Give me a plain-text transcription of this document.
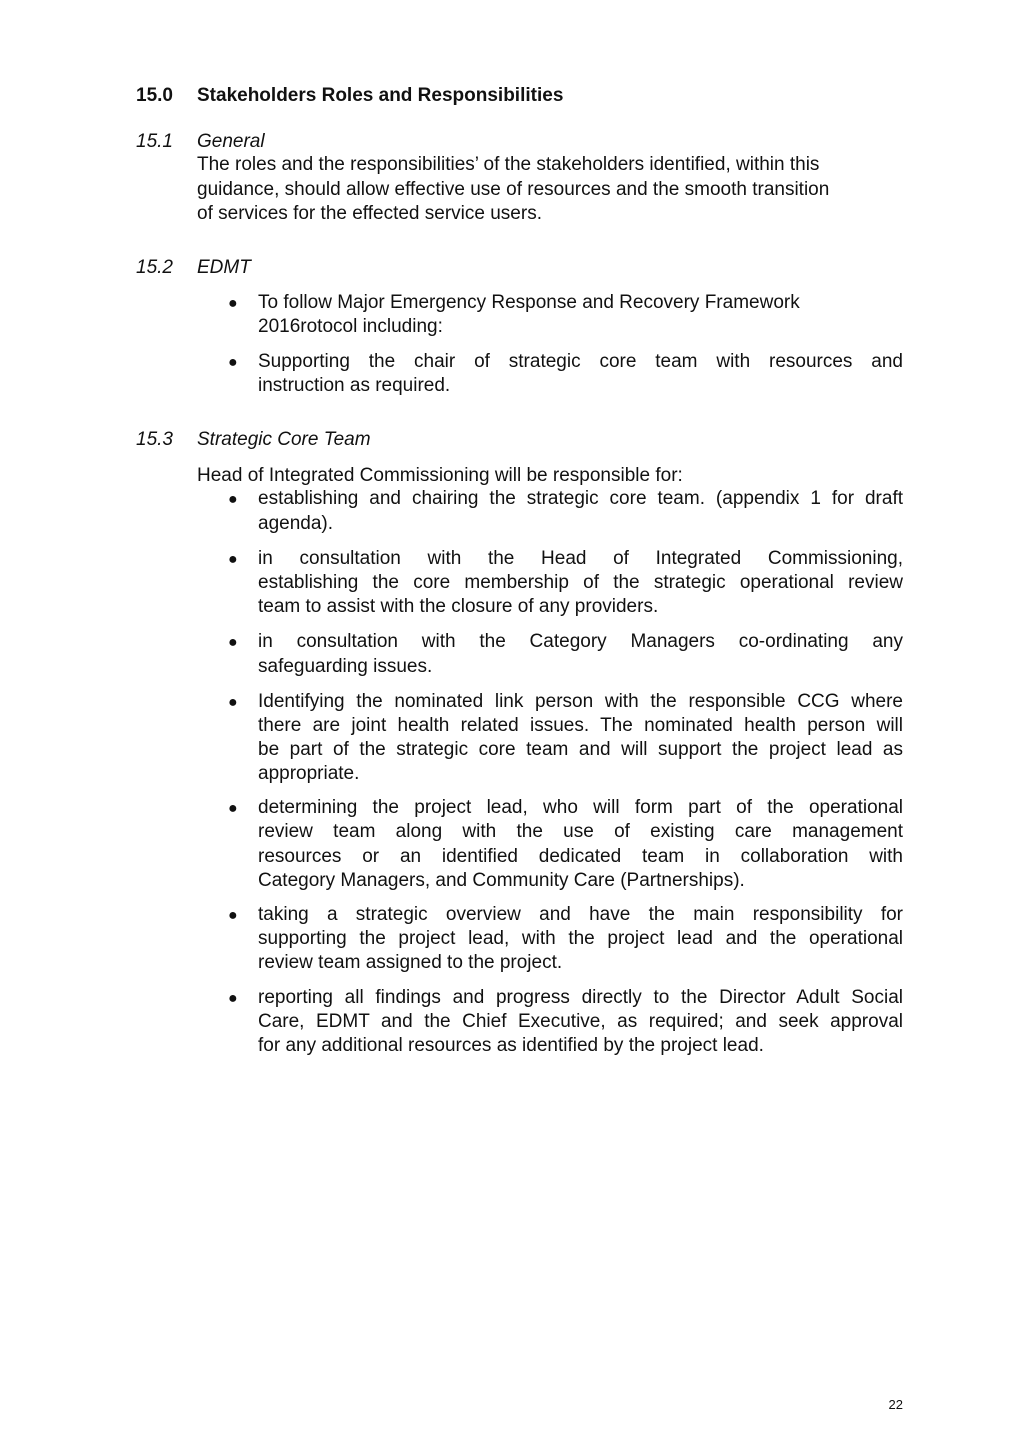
15.0 Stakeholders Roles and Responsibilities
15.1 General
The roles and the responsibilities’ of the stakeholders identified, within this
guidance, should allow effective use of resources and the smooth transition
of services for the effected service users.
15.2 EDMT
● To follow Major Emergency Response and Recovery Framework
2016rotocol including:
● Supporting the chair of strategic core team with resources and
instruction as required.
15.3 Strategic Core Team
Head of Integrated Commissioning will be responsible for:
● establishing and chairing the strategic core team. (appendix 1 for draft
agenda).
● in consultation with the Head of Integrated Commissioning,
establishing the core membership of the strategic operational review
team to assist with the closure of any providers.
● in consultation with the Category Managers co-ordinating any
safeguarding issues.
● Identifying the nominated link person with the responsible CCG where
there are joint health related issues. The nominated health person will
be part of the strategic core team and will support the project lead as
appropriate.
● determining the project lead, who will form part of the operational
review team along with the use of existing care management
resources or an identified dedicated team in collaboration with
Category Managers, and Community Care (Partnerships).
● taking a strategic overview and have the main responsibility for
supporting the project lead, with the project lead and the operational
review team assigned to the project.
● reporting all findings and progress directly to the Director Adult Social
Care, EDMT and the Chief Executive, as required; and seek approval
for any additional resources as identified by the project lead.
22
